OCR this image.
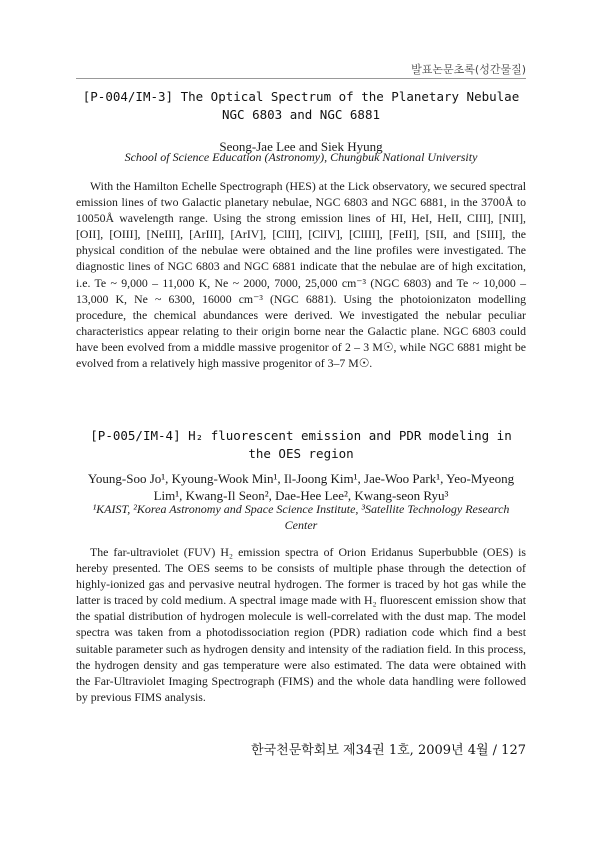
발표논문초록(성간물질)
[P-004/IM-3] The Optical Spectrum of the Planetary Nebulae NGC 6803 and NGC 6881
Seong-Jae Lee and Siek Hyung
School of Science Education (Astronomy), Chungbuk National University

With the Hamilton Echelle Spectrograph (HES) at the Lick observatory, we secured spectral emission lines of two Galactic planetary nebulae, NGC 6803 and NGC 6881, in the 3700Å to 10050Å wavelength range. Using the strong emission lines of HI, HeI, HeII, CIII], [NII], [OII], [OIII], [NeIII], [ArIII], [ArIV], [ClII], [ClIV], [ClIII], [FeII], [SII, and [SIII], the physical condition of the nebulae were obtained and the line profiles were investigated. The diagnostic lines of NGC 6803 and NGC 6881 indicate that the nebulae are of high excitation, i.e. Te ~ 9,000 – 11,000 K, Ne ~ 2000, 7000, 25,000 cm⁻³ (NGC 6803) and Te ~ 10,000 – 13,000 K, Ne ~ 6300, 16000 cm⁻³ (NGC 6881). Using the photoionizaton modelling procedure, the chemical abundances were derived. We investigated the nebular peculiar characteristics appear relating to their origin borne near the Galactic plane. NGC 6803 could have been evolved from a middle massive progenitor of 2 – 3 M☉, while NGC 6881 might be evolved from a relatively high massive progenitor of 3–7 M☉.

[P-005/IM-4] H₂ fluorescent emission and PDR modeling in the OES region
Young-Soo Jo¹, Kyoung-Wook Min¹, Il-Joong Kim¹, Jae-Woo Park¹, Yeo-Myeong Lim¹, Kwang-Il Seon², Dae-Hee Lee², Kwang-seon Ryu³
¹KAIST, ²Korea Astronomy and Space Science Institute, ³Satellite Technology Research Center

The far-ultraviolet (FUV) H₂ emission spectra of Orion Eridanus Superbubble (OES) is hereby presented. The OES seems to be consists of multiple phase through the detection of highly-ionized gas and pervasive neutral hydrogen. The former is traced by hot gas while the latter is traced by cold medium. A spectral image made with H₂ fluorescent emission show that the spatial distribution of hydrogen molecule is well-correlated with the dust map. The model spectra was taken from a photodissociation region (PDR) radiation code which find a best suitable parameter such as hydrogen density and intensity of the radiation field. In this process, the hydrogen density and gas temperature were also estimated. The data were obtained with the Far-Ultraviolet Imaging Spectrograph (FIMS) and the whole data handling were followed by previous FIMS analysis.

한국천문학회보 제34권 1호, 2009년 4월 / 127
